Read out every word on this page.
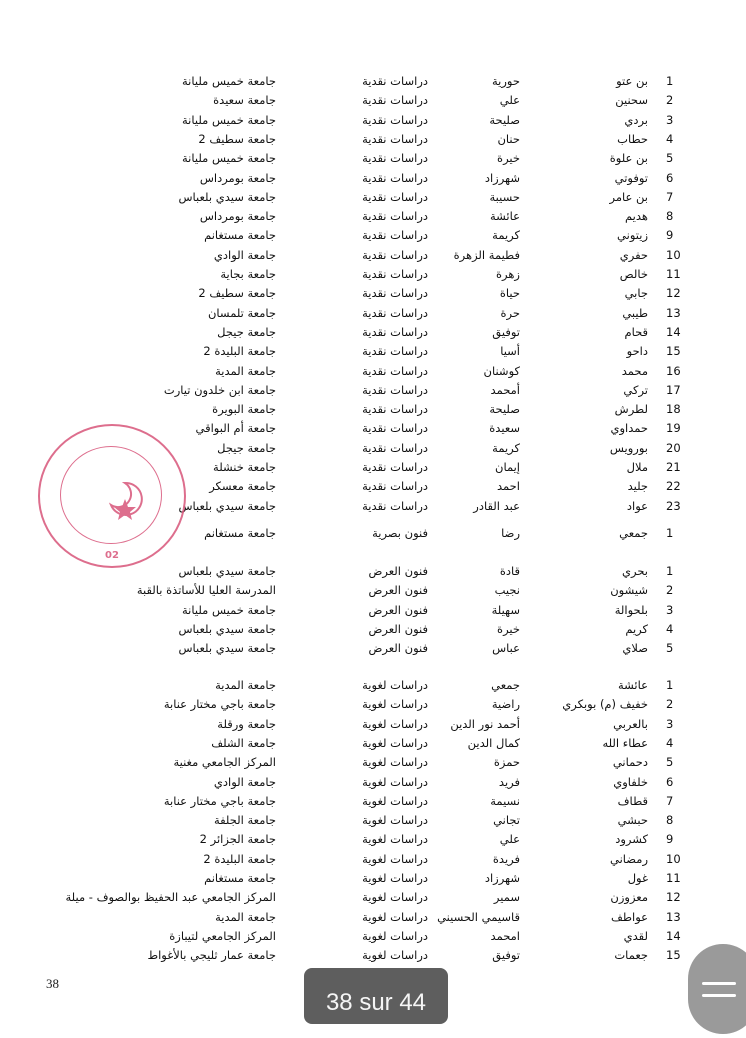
1
بن عتو
حورية
دراسات نقدية
جامعة خميس مليانة
2
سحنين
علي
دراسات نقدية
جامعة سعيدة
3
بردي
صليحة
دراسات نقدية
جامعة خميس مليانة
4
حطاب
حنان
دراسات نقدية
جامعة سطيف 2
5
بن علوة
خيرة
دراسات نقدية
جامعة خميس مليانة
6
توفوتي
شهرزاد
دراسات نقدية
جامعة بومرداس
7
بن عامر
حسيبة
دراسات نقدية
جامعة سيدي بلعباس
8
هديم
عائشة
دراسات نقدية
جامعة بومرداس
9
زيتوني
كريمة
دراسات نقدية
جامعة مستغانم
10
حفري
فطيمة الزهرة
دراسات نقدية
جامعة الوادي
11
خالص
زهرة
دراسات نقدية
جامعة بجاية
12
جابي
حياة
دراسات نقدية
جامعة سطيف 2
13
طيبي
حرة
دراسات نقدية
جامعة تلمسان
14
قحام
توفيق
دراسات نقدية
جامعة جيجل
15
داحو
أسيا
دراسات نقدية
جامعة البليدة 2
16
محمد
كوشنان
دراسات نقدية
جامعة المدية
17
تركي
أمحمد
دراسات نقدية
جامعة ابن خلدون تيارت
18
لطرش
صليحة
دراسات نقدية
جامعة البويرة
19
حمداوي
سعيدة
دراسات نقدية
جامعة أم البواقي
20
بورويس
كريمة
دراسات نقدية
جامعة جيجل
21
ملال
إيمان
دراسات نقدية
جامعة خنشلة
22
جليد
احمد
دراسات نقدية
جامعة معسكر
23
عواد
عبد القادر
دراسات نقدية
جامعة سيدي بلعباس
1
جمعي
رضا
فنون بصرية
جامعة مستغانم
1
بحري
قادة
فنون العرض
جامعة سيدي بلعباس
2
شيشون
نجيب
فنون العرض
المدرسة العليا للأساتذة بالقبة
3
بلحوالة
سهيلة
فنون العرض
جامعة خميس مليانة
4
كريم
خيرة
فنون العرض
جامعة سيدي بلعباس
5
صلاي
عباس
فنون العرض
جامعة سيدي بلعباس
1
عائشة
جمعي
دراسات لغوية
جامعة المدية
2
خفيف (م) بوبكري
راضية
دراسات لغوية
جامعة باجي مختار عنابة
3
بالعربي
أحمد نور الدين
دراسات لغوية
جامعة ورقلة
4
عطاء الله
كمال الدين
دراسات لغوية
جامعة الشلف
5
دحماني
حمزة
دراسات لغوية
المركز الجامعي مغنية
6
خلفاوي
فريد
دراسات لغوية
جامعة الوادي
7
قطاف
نسيمة
دراسات لغوية
جامعة باجي مختار عنابة
8
حبشي
تجاني
دراسات لغوية
جامعة الجلفة
9
كشرود
علي
دراسات لغوية
جامعة الجزائر 2
10
رمضاني
فريدة
دراسات لغوية
جامعة البليدة 2
11
غول
شهرزاد
دراسات لغوية
جامعة مستغانم
12
معزوزن
سمير
دراسات لغوية
المركز الجامعي عبد الحفيظ بوالصوف - ميلة
13
عواطف
قاسيمي الحسيني
دراسات لغوية
جامعة المدية
14
لقدي
امحمد
دراسات لغوية
المركز الجامعي لتيبازة
15
جعمات
توفيق
دراسات لغوية
جامعة عمار ثليجي بالأغواط
02
38
38 sur 44
